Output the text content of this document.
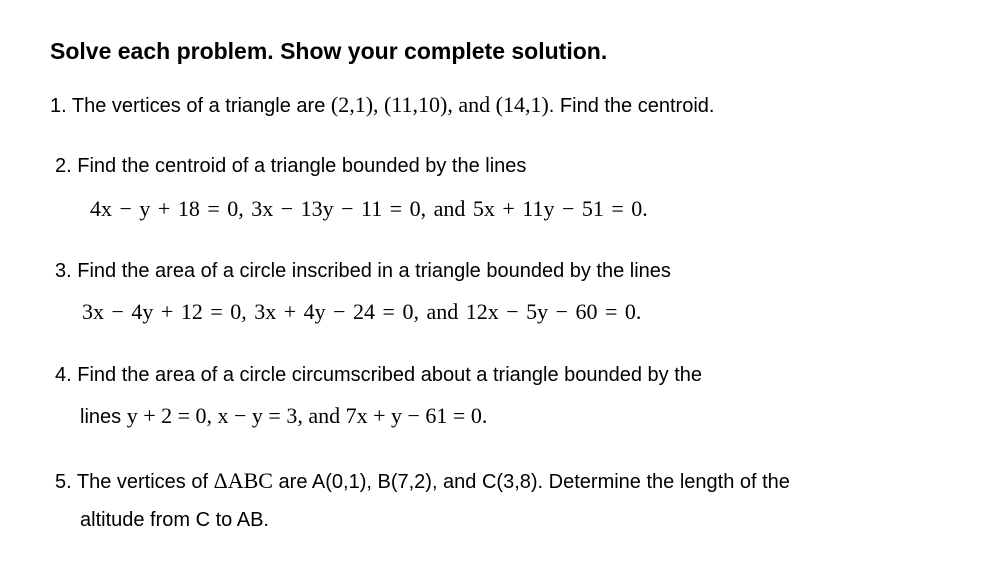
Solve each problem. Show your complete solution.
1. The vertices of a triangle are (2,1), (11,10), and (14,1). Find the centroid.
2. Find the centroid of a triangle bounded by the lines
4x − y + 18 = 0, 3x − 13y − 11 = 0, and 5x + 11y − 51 = 0.
3. Find the area of a circle inscribed in a triangle bounded by the lines
3x − 4y + 12 = 0, 3x + 4y − 24 = 0, and 12x − 5y − 60 = 0.
4. Find the area of a circle circumscribed about a triangle bounded by the
lines y + 2 = 0, x − y = 3, and 7x + y − 61 = 0.
5. The vertices of ΔABC are A(0,1), B(7,2), and C(3,8). Determine the length of the
altitude from C to AB.
